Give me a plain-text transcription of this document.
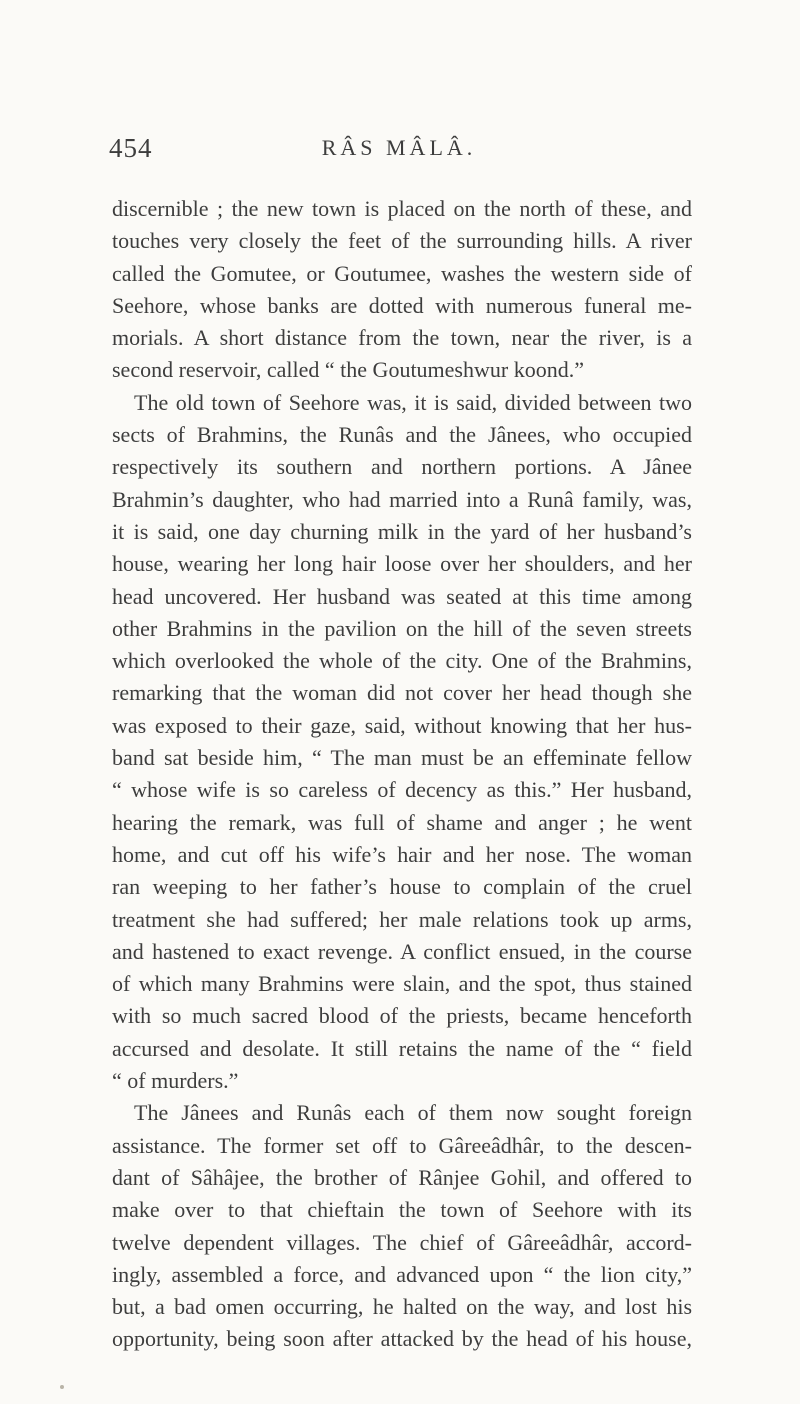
454	RÂS MÂLÂ.
discernible ; the new town is placed on the north of these, and
touches very closely the feet of the surrounding hills. A river
called the Gomutee, or Goutumee, washes the western side of
Seehore, whose banks are dotted with numerous funeral me-
morials. A short distance from the town, near the river, is a
second reservoir, called “ the Goutumeshwur koond.”
The old town of Seehore was, it is said, divided between two
sects of Brahmins, the Runâs and the Jânees, who occupied
respectively its southern and northern portions. A Jânee
Brahmin’s daughter, who had married into a Runâ family, was,
it is said, one day churning milk in the yard of her husband’s
house, wearing her long hair loose over her shoulders, and her
head uncovered. Her husband was seated at this time among
other Brahmins in the pavilion on the hill of the seven streets
which overlooked the whole of the city. One of the Brahmins,
remarking that the woman did not cover her head though she
was exposed to their gaze, said, without knowing that her hus-
band sat beside him, “ The man must be an effeminate fellow
“ whose wife is so careless of decency as this.” Her husband,
hearing the remark, was full of shame and anger ; he went
home, and cut off his wife’s hair and her nose. The woman
ran weeping to her father’s house to complain of the cruel
treatment she had suffered; her male relations took up arms,
and hastened to exact revenge. A conflict ensued, in the course
of which many Brahmins were slain, and the spot, thus stained
with so much sacred blood of the priests, became henceforth
accursed and desolate. It still retains the name of the “ field
“ of murders.”
The Jânees and Runâs each of them now sought foreign
assistance. The former set off to Gâreeâdhâr, to the descen-
dant of Sâhâjee, the brother of Rânjee Gohil, and offered to
make over to that chieftain the town of Seehore with its
twelve dependent villages. The chief of Gâreeâdhâr, accord-
ingly, assembled a force, and advanced upon “ the lion city,”
but, a bad omen occurring, he halted on the way, and lost his
opportunity, being soon after attacked by the head of his house,
